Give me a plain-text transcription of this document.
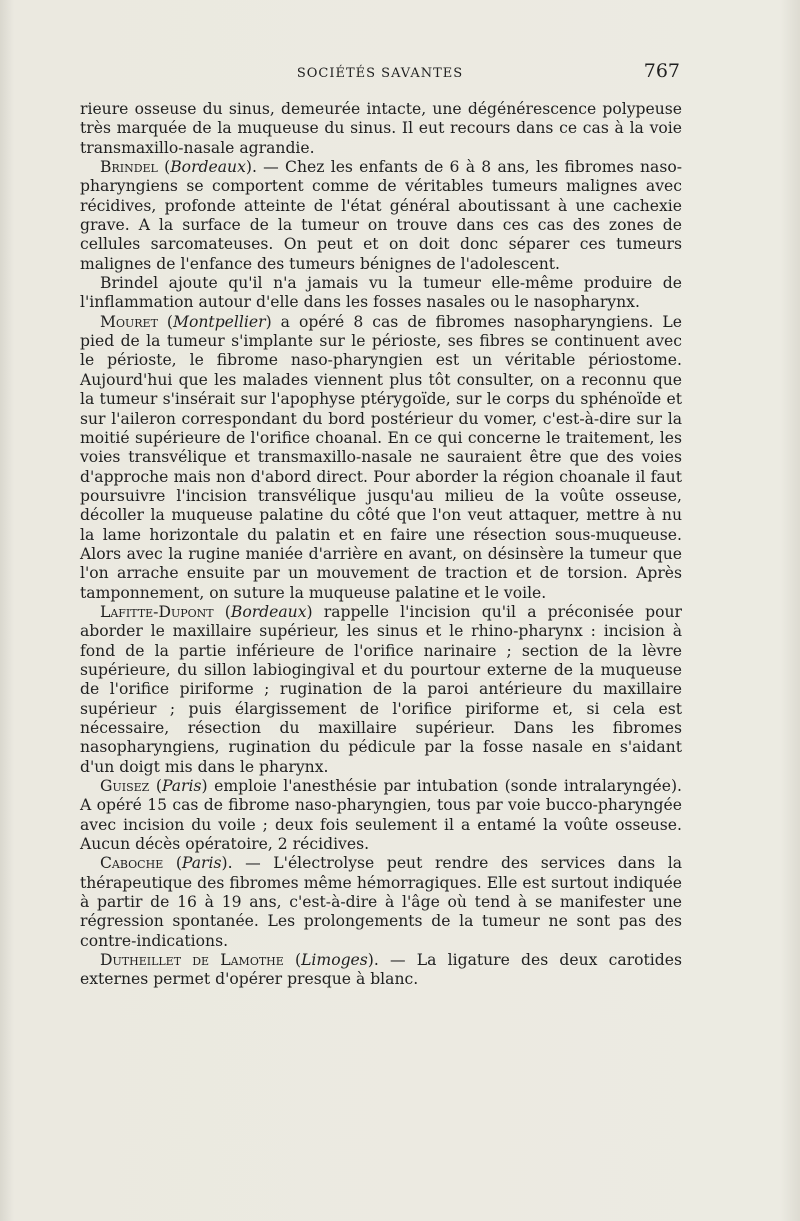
SOCIÉTÉS SAVANTES	767

rieure osseuse du sinus, demeurée intacte, une dégénérescence polypeuse très marquée de la muqueuse du sinus. Il eut recours dans ce cas à la voie transmaxillo-nasale agrandie.

Brindel (Bordeaux). — Chez les enfants de 6 à 8 ans, les fibromes naso-pharyngiens se comportent comme de véritables tumeurs malignes avec récidives, profonde atteinte de l'état général aboutissant à une cachexie grave. A la surface de la tumeur on trouve dans ces cas des zones de cellules sarcomateuses. On peut et on doit donc séparer ces tumeurs malignes de l'enfance des tumeurs bénignes de l'adolescent.

Brindel ajoute qu'il n'a jamais vu la tumeur elle-même produire de l'inflammation autour d'elle dans les fosses nasales ou le nasopharynx.

Mouret (Montpellier) a opéré 8 cas de fibromes nasopharyngiens. Le pied de la tumeur s'implante sur le périoste, ses fibres se continuent avec le périoste, le fibrome naso-pharyngien est un véritable périostome. Aujourd'hui que les malades viennent plus tôt consulter, on a reconnu que la tumeur s'insérait sur l'apophyse ptérygoïde, sur le corps du sphénoïde et sur l'aileron correspondant du bord postérieur du vomer, c'est-à-dire sur la moitié supérieure de l'orifice choanal. En ce qui concerne le traitement, les voies transvélique et transmaxillo-nasale ne sauraient être que des voies d'approche mais non d'abord direct. Pour aborder la région choanale il faut poursuivre l'incision transvélique jusqu'au milieu de la voûte osseuse, décoller la muqueuse palatine du côté que l'on veut attaquer, mettre à nu la lame horizontale du palatin et en faire une résection sous-muqueuse. Alors avec la rugine maniée d'arrière en avant, on désinsère la tumeur que l'on arrache ensuite par un mouvement de traction et de torsion. Après tamponnement, on suture la muqueuse palatine et le voile.

Lafitte-Dupont (Bordeaux) rappelle l'incision qu'il a préconisée pour aborder le maxillaire supérieur, les sinus et le rhino-pharynx : incision à fond de la partie inférieure de l'orifice narinaire ; section de la lèvre supérieure, du sillon labiogingival et du pourtour externe de la muqueuse de l'orifice piriforme ; rugination de la paroi antérieure du maxillaire supérieur ; puis élargissement de l'orifice piriforme et, si cela est nécessaire, résection du maxillaire supérieur. Dans les fibromes nasopharyngiens, rugination du pédicule par la fosse nasale en s'aidant d'un doigt mis dans le pharynx.

Guisez (Paris) emploie l'anesthésie par intubation (sonde intralaryngée). A opéré 15 cas de fibrome naso-pharyngien, tous par voie bucco-pharyngée avec incision du voile ; deux fois seulement il a entamé la voûte osseuse. Aucun décès opératoire, 2 récidives.

Caboche (Paris). — L'électrolyse peut rendre des services dans la thérapeutique des fibromes même hémorragiques. Elle est surtout indiquée à partir de 16 à 19 ans, c'est-à-dire à l'âge où tend à se manifester une régression spontanée. Les prolongements de la tumeur ne sont pas des contre-indications.

Dutheillet de Lamothe (Limoges). — La ligature des deux carotides externes permet d'opérer presque à blanc.
